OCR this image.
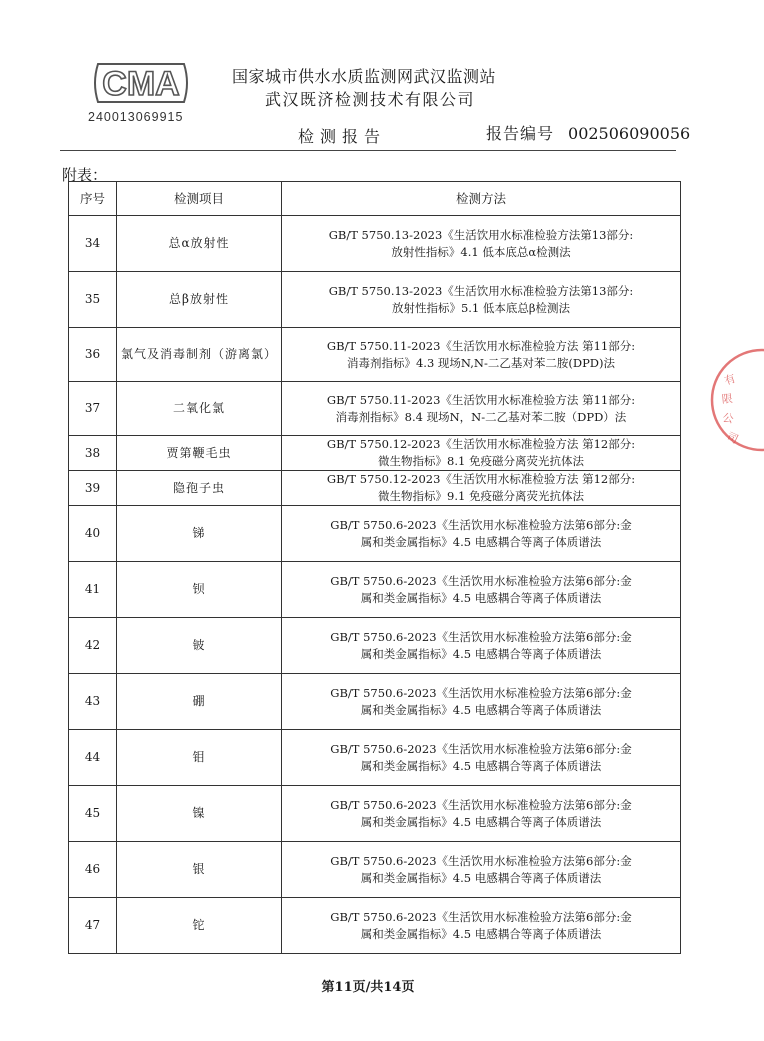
CMA
240013069915
国家城市供水水质监测网武汉监测站
武汉既济检测技术有限公司
检测报告	报告编号 002506090056
附表：
序号	检测项目	检测方法
34	总α放射性	GB/T 5750.13-2023《生活饮用水标准检验方法第13部分:
放射性指标》4.1 低本底总α检测法

35	总β放射性	GB/T 5750.13-2023《生活饮用水标准检验方法第13部分:
放射性指标》5.1 低本底总β检测法

36	氯气及消毒制剂（游离氯）	GB/T 5750.11-2023《生活饮用水标准检验方法 第11部分:
消毒剂指标》4.3 现场N,N-二乙基对苯二胺(DPD)法

37	二氧化氯	GB/T 5750.11-2023《生活饮用水标准检验方法 第11部分:
消毒剂指标》8.4 现场N，N-二乙基对苯二胺（DPD）法

38	贾第鞭毛虫	GB/T 5750.12-2023《生活饮用水标准检验方法 第12部分:
微生物指标》8.1 免疫磁分离荧光抗体法

39	隐孢子虫	GB/T 5750.12-2023《生活饮用水标准检验方法 第12部分:
微生物指标》9.1 免疫磁分离荧光抗体法

40	锑	GB/T 5750.6-2023《生活饮用水标准检验方法第6部分:金
属和类金属指标》4.5 电感耦合等离子体质谱法

41	钡	GB/T 5750.6-2023《生活饮用水标准检验方法第6部分:金
属和类金属指标》4.5 电感耦合等离子体质谱法

42	铍	GB/T 5750.6-2023《生活饮用水标准检验方法第6部分:金
属和类金属指标》4.5 电感耦合等离子体质谱法

43	硼	GB/T 5750.6-2023《生活饮用水标准检验方法第6部分:金
属和类金属指标》4.5 电感耦合等离子体质谱法

44	钼	GB/T 5750.6-2023《生活饮用水标准检验方法第6部分:金
属和类金属指标》4.5 电感耦合等离子体质谱法

45	镍	GB/T 5750.6-2023《生活饮用水标准检验方法第6部分:金
属和类金属指标》4.5 电感耦合等离子体质谱法

46	银	GB/T 5750.6-2023《生活饮用水标准检验方法第6部分:金
属和类金属指标》4.5 电感耦合等离子体质谱法

47	铊	GB/T 5750.6-2023《生活饮用水标准检验方法第6部分:金
属和类金属指标》4.5 电感耦合等离子体质谱法
第11页/共14页
有
限
公
司
